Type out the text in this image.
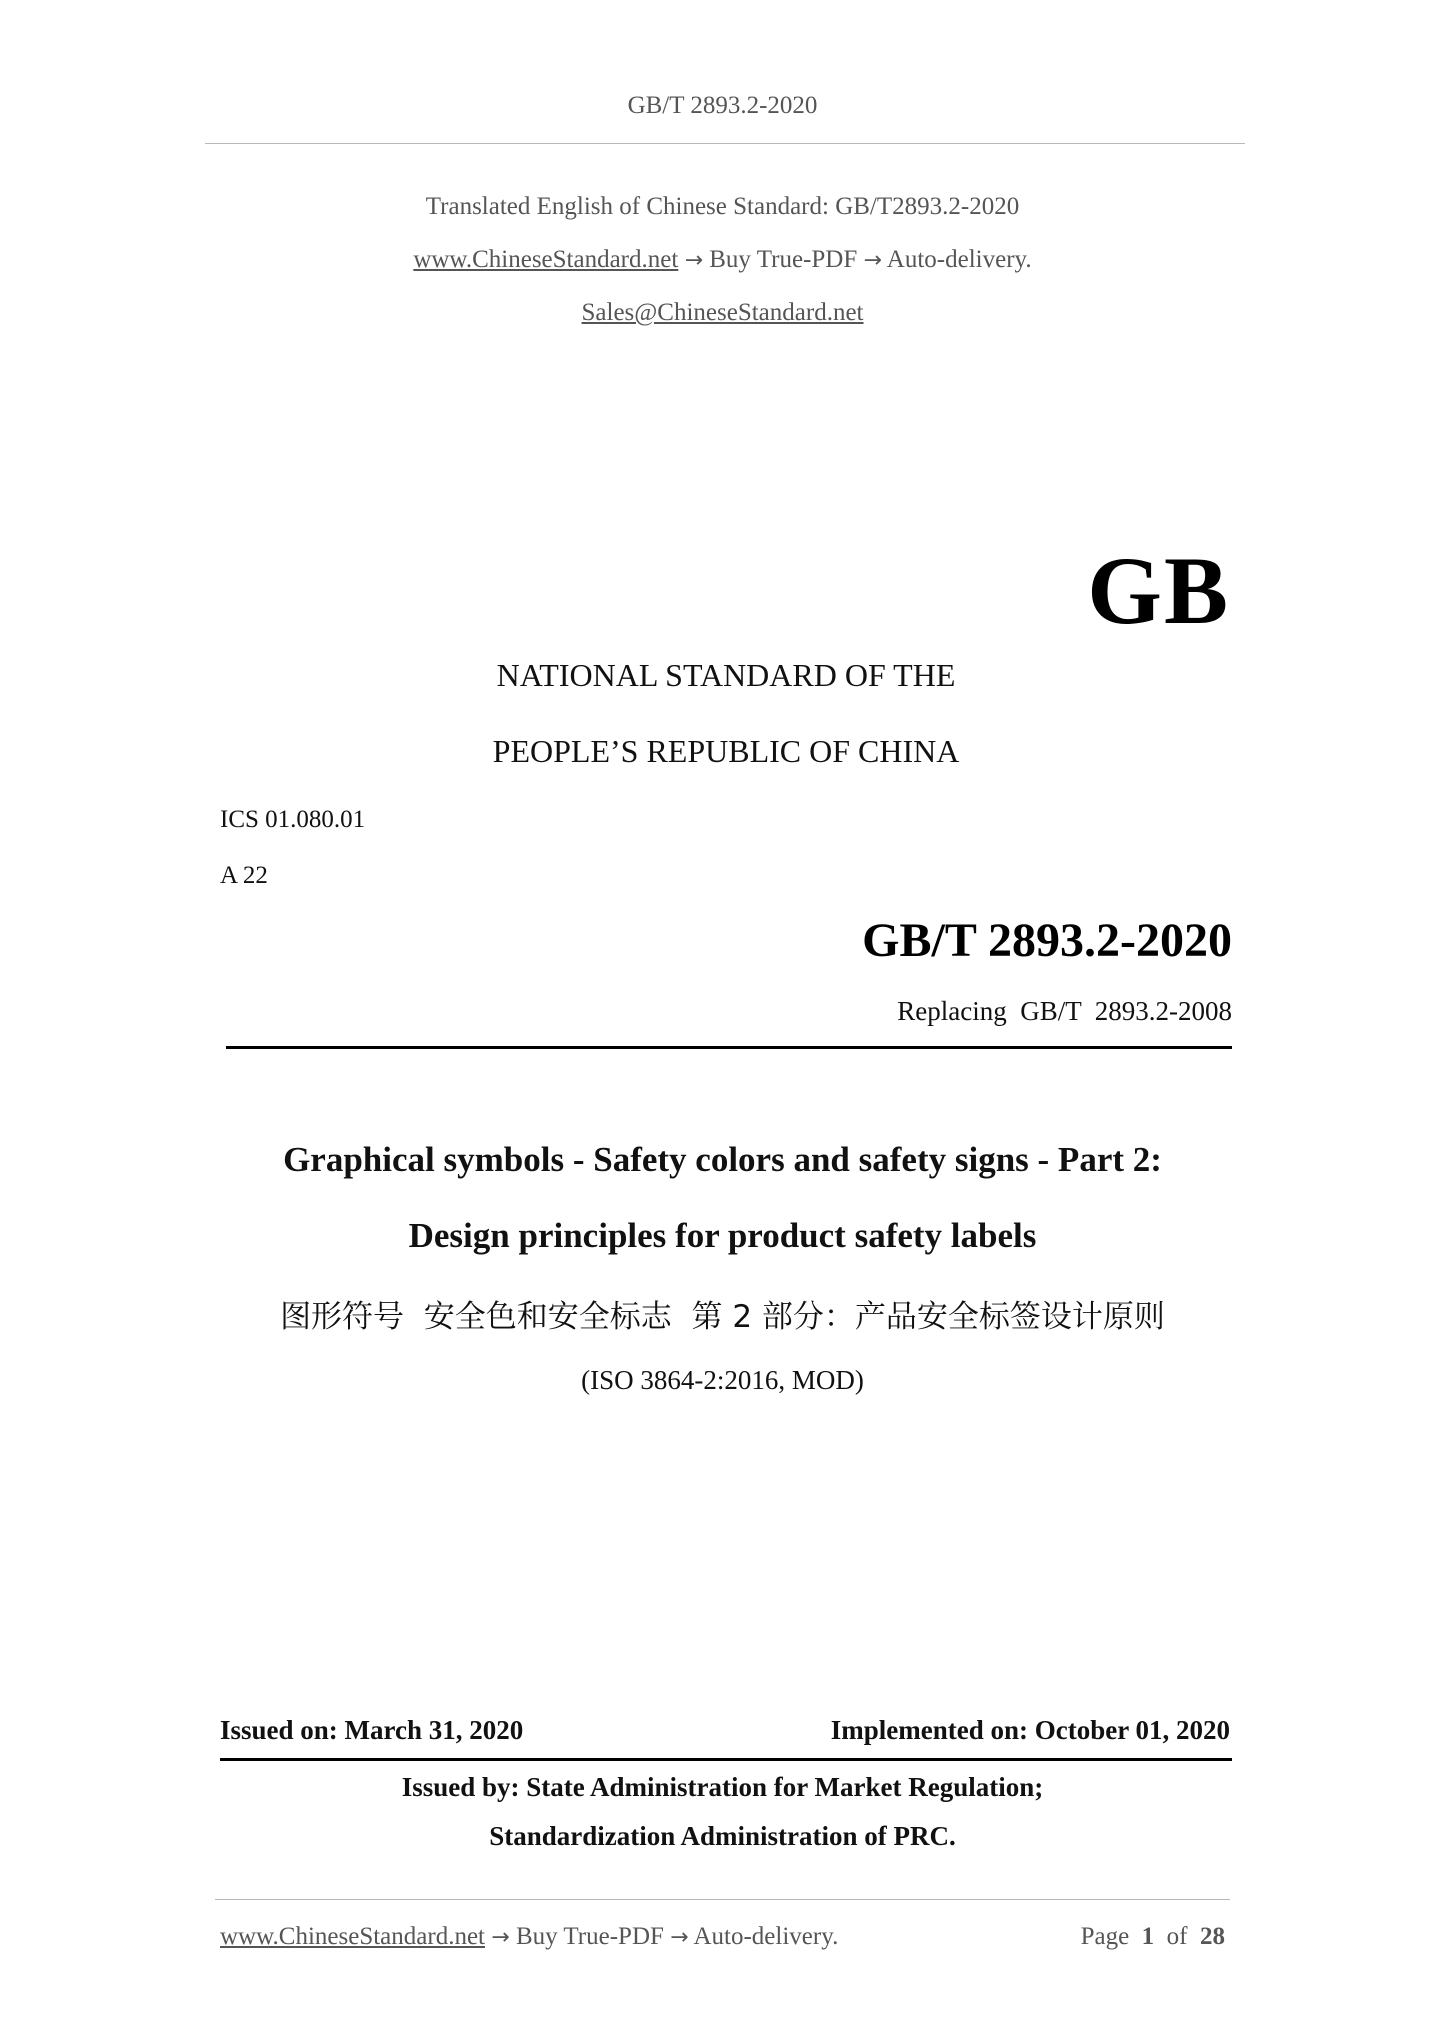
GB/T 2893.2-2020
Translated English of Chinese Standard: GB/T2893.2-2020
www.ChineseStandard.net → Buy True-PDF → Auto-delivery.
Sales@ChineseStandard.net
GB
NATIONAL STANDARD OF THE
PEOPLE’S REPUBLIC OF CHINA
ICS 01.080.01
A 22
GB/T 2893.2-2020
Replacing  GB/T  2893.2-2008
Graphical symbols - Safety colors and safety signs - Part 2:
Design principles for product safety labels
图形符号  安全色和安全标志  第 2 部分：产品安全标签设计原则
(ISO 3864-2:2016, MOD)
Issued on: March 31, 2020	Implemented on: October 01, 2020
Issued by: State Administration for Market Regulation;
Standardization Administration of PRC.
www.ChineseStandard.net → Buy True-PDF → Auto-delivery.	Page 1 of 28
